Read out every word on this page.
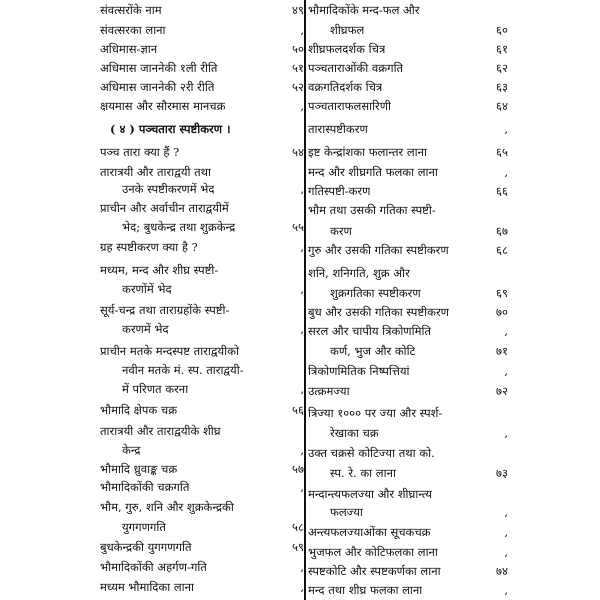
संवत्सरोंके नाम	४९
संवत्सरका लाना	,
अधिमास-ज्ञान	५०
अधिमास जाननेकी १ली रीति	५१
अधिमास जाननेकी २री रीति	५२
क्षयमास और सौरमास मानचक्र	,
( ४ ) पञ्चतारा स्पष्टीकरण ।
पञ्च तारा क्या हैं ?	५४
तारात्रयी और ताराद्वयी तथा
उनके स्पष्टीकरणमें भेद	,
प्राचीन और अर्वाचीन ताराद्वयीमें
भेद; बुधकेन्द्र तथा शुक्रकेन्द्र	५५
ग्रह स्पष्टीकरण क्या है ?	,
मध्यम, मन्द और शीघ्र स्पष्टी-
करणोंमें भेद	,
सूर्य-चन्द्र तथा ताराग्रहोंके स्पष्टी-
करणमें भेद	,
प्राचीन मतके मन्दस्पष्ट ताराद्वयीको
नवीन मतके मं. स्प. ताराद्वयी-
में परिणत करना	,
भौमादि क्षेपक चक्र	५६
तारात्रयी और ताराद्वयीके शीघ्र
केन्द्र	,
भौमादि ध्रुवाङ्क चक्र	५७
भौमादिकोंकी चक्रगति	,
भौम, गुरु, शनि और शुक्रकेन्द्रकी
युगगणगति	५८
बुधकेन्द्रकी युगगणगति	५९
भौमादिकोंकी अहर्गण-गति	,
मध्यम भौमादिका लाना	,
भौमादिकोंके मन्द-फल और
शीघ्रफल	६०
शीघ्रफलदर्शक चित्र	६१
पञ्चताराओंकी वक्रगति	६२
वक्रगतिदर्शक चित्र	६३
पञ्चताराफलसारिणी	६४
तारास्पष्टीकरण	,
इष्ट केन्द्रांशका फलान्तर लाना	६५
मन्द और शीघ्रगति फलका लाना	,
गतिस्पष्टी-करण	६६
भौम तथा उसकी गतिका स्पष्टी-
करण	६७
गुरु और उसकी गतिका स्पष्टीकरण	६८
शनि, शनिगति, शुक्र और
शुक्रगतिका स्पष्टीकरण	६९
बुध और उसकी गतिका स्पष्टीकरण	७०
सरल और चापीय त्रिकोणमिति	,
कर्ण, भुज और कोटि	७१
त्रिकोणमितिक निष्पत्तियां	,
उत्क्रमज्या	७२
त्रिज्या १००० पर ज्या और स्पर्श-
रेखाका चक्र	,
उक्त चक्रसे कोटिज्या तथा को.
स्प. रे. का लाना	७३
मन्दान्त्यफलज्या और शीघ्रान्त्य
फलज्या	,
अन्त्यफलज्याओंका सूचकचक्र	,
भुजफल और कोटिफलका लाना	,
स्पष्टकोटि और स्पष्टकर्णका लाना	७४
मन्द तथा शीघ्र फलका लाना	,
